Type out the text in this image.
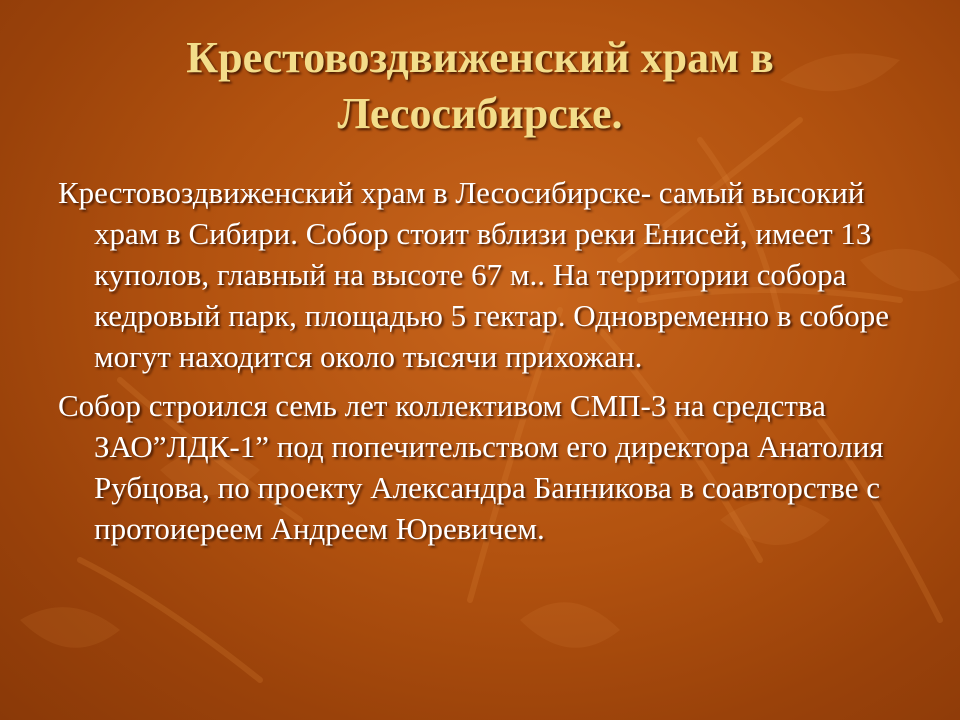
Крестовоздвиженский храм в Лесосибирске.

Крестовоздвиженский храм в Лесосибирске- самый высокий храм в Сибири. Собор стоит вблизи реки Енисей, имеет 13 куполов, главный на высоте 67 м.. На территории собора кедровый парк, площадью 5 гектар. Одновременно в соборе могут находится около тысячи прихожан.

Собор строился семь лет коллективом СМП-3 на средства ЗАО”ЛДК-1” под попечительством его директора Анатолия Рубцова, по проекту Александра Банникова в соавторстве с протоиереем Андреем Юревичем.
